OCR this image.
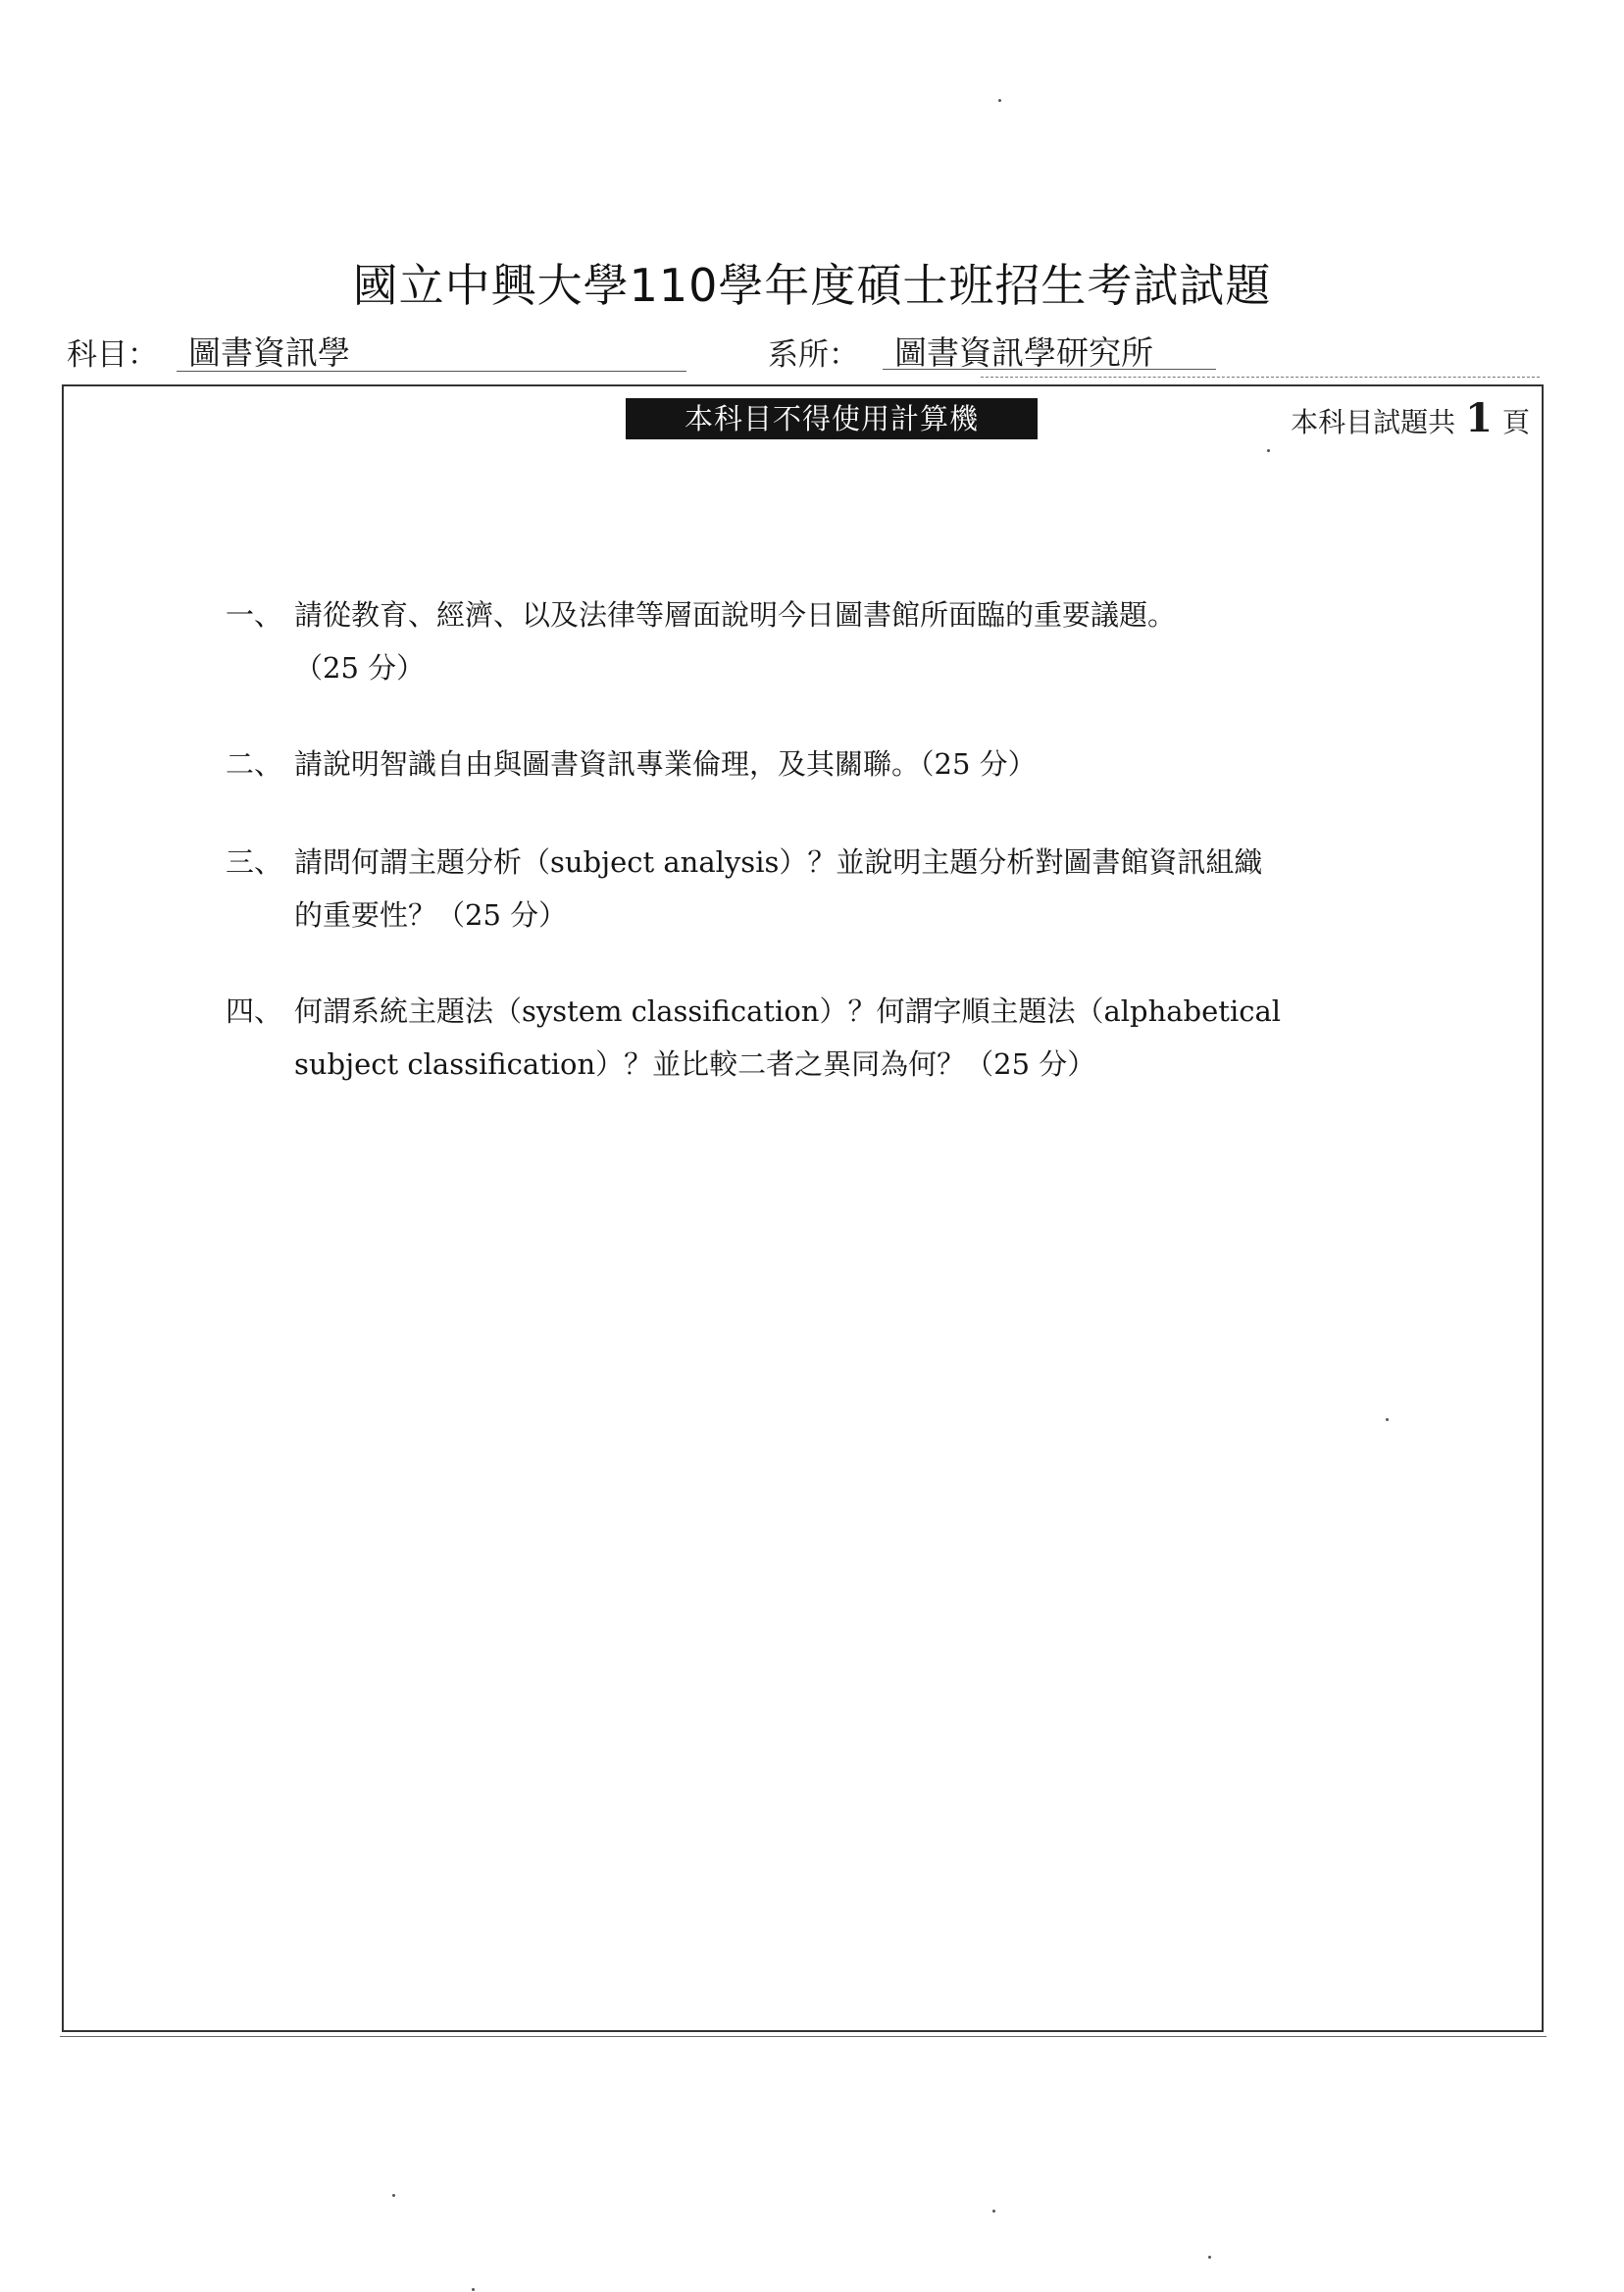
國立中興大學110學年度碩士班招生考試試題
科目： 圖書資訊學	系所： 圖書資訊學研究所
本科目不得使用計算機	本科目試題共 1 頁
一、 請從教育、經濟、以及法律等層面說明今日圖書館所面臨的重要議題。
（25 分）
二、 請說明智識自由與圖書資訊專業倫理，及其關聯。（25 分）
三、 請問何謂主題分析（subject analysis）？並說明主題分析對圖書館資訊組織
的重要性？（25 分）
四、 何謂系統主題法（system classification）？何謂字順主題法（alphabetical
subject classification）？並比較二者之異同為何？（25 分）
